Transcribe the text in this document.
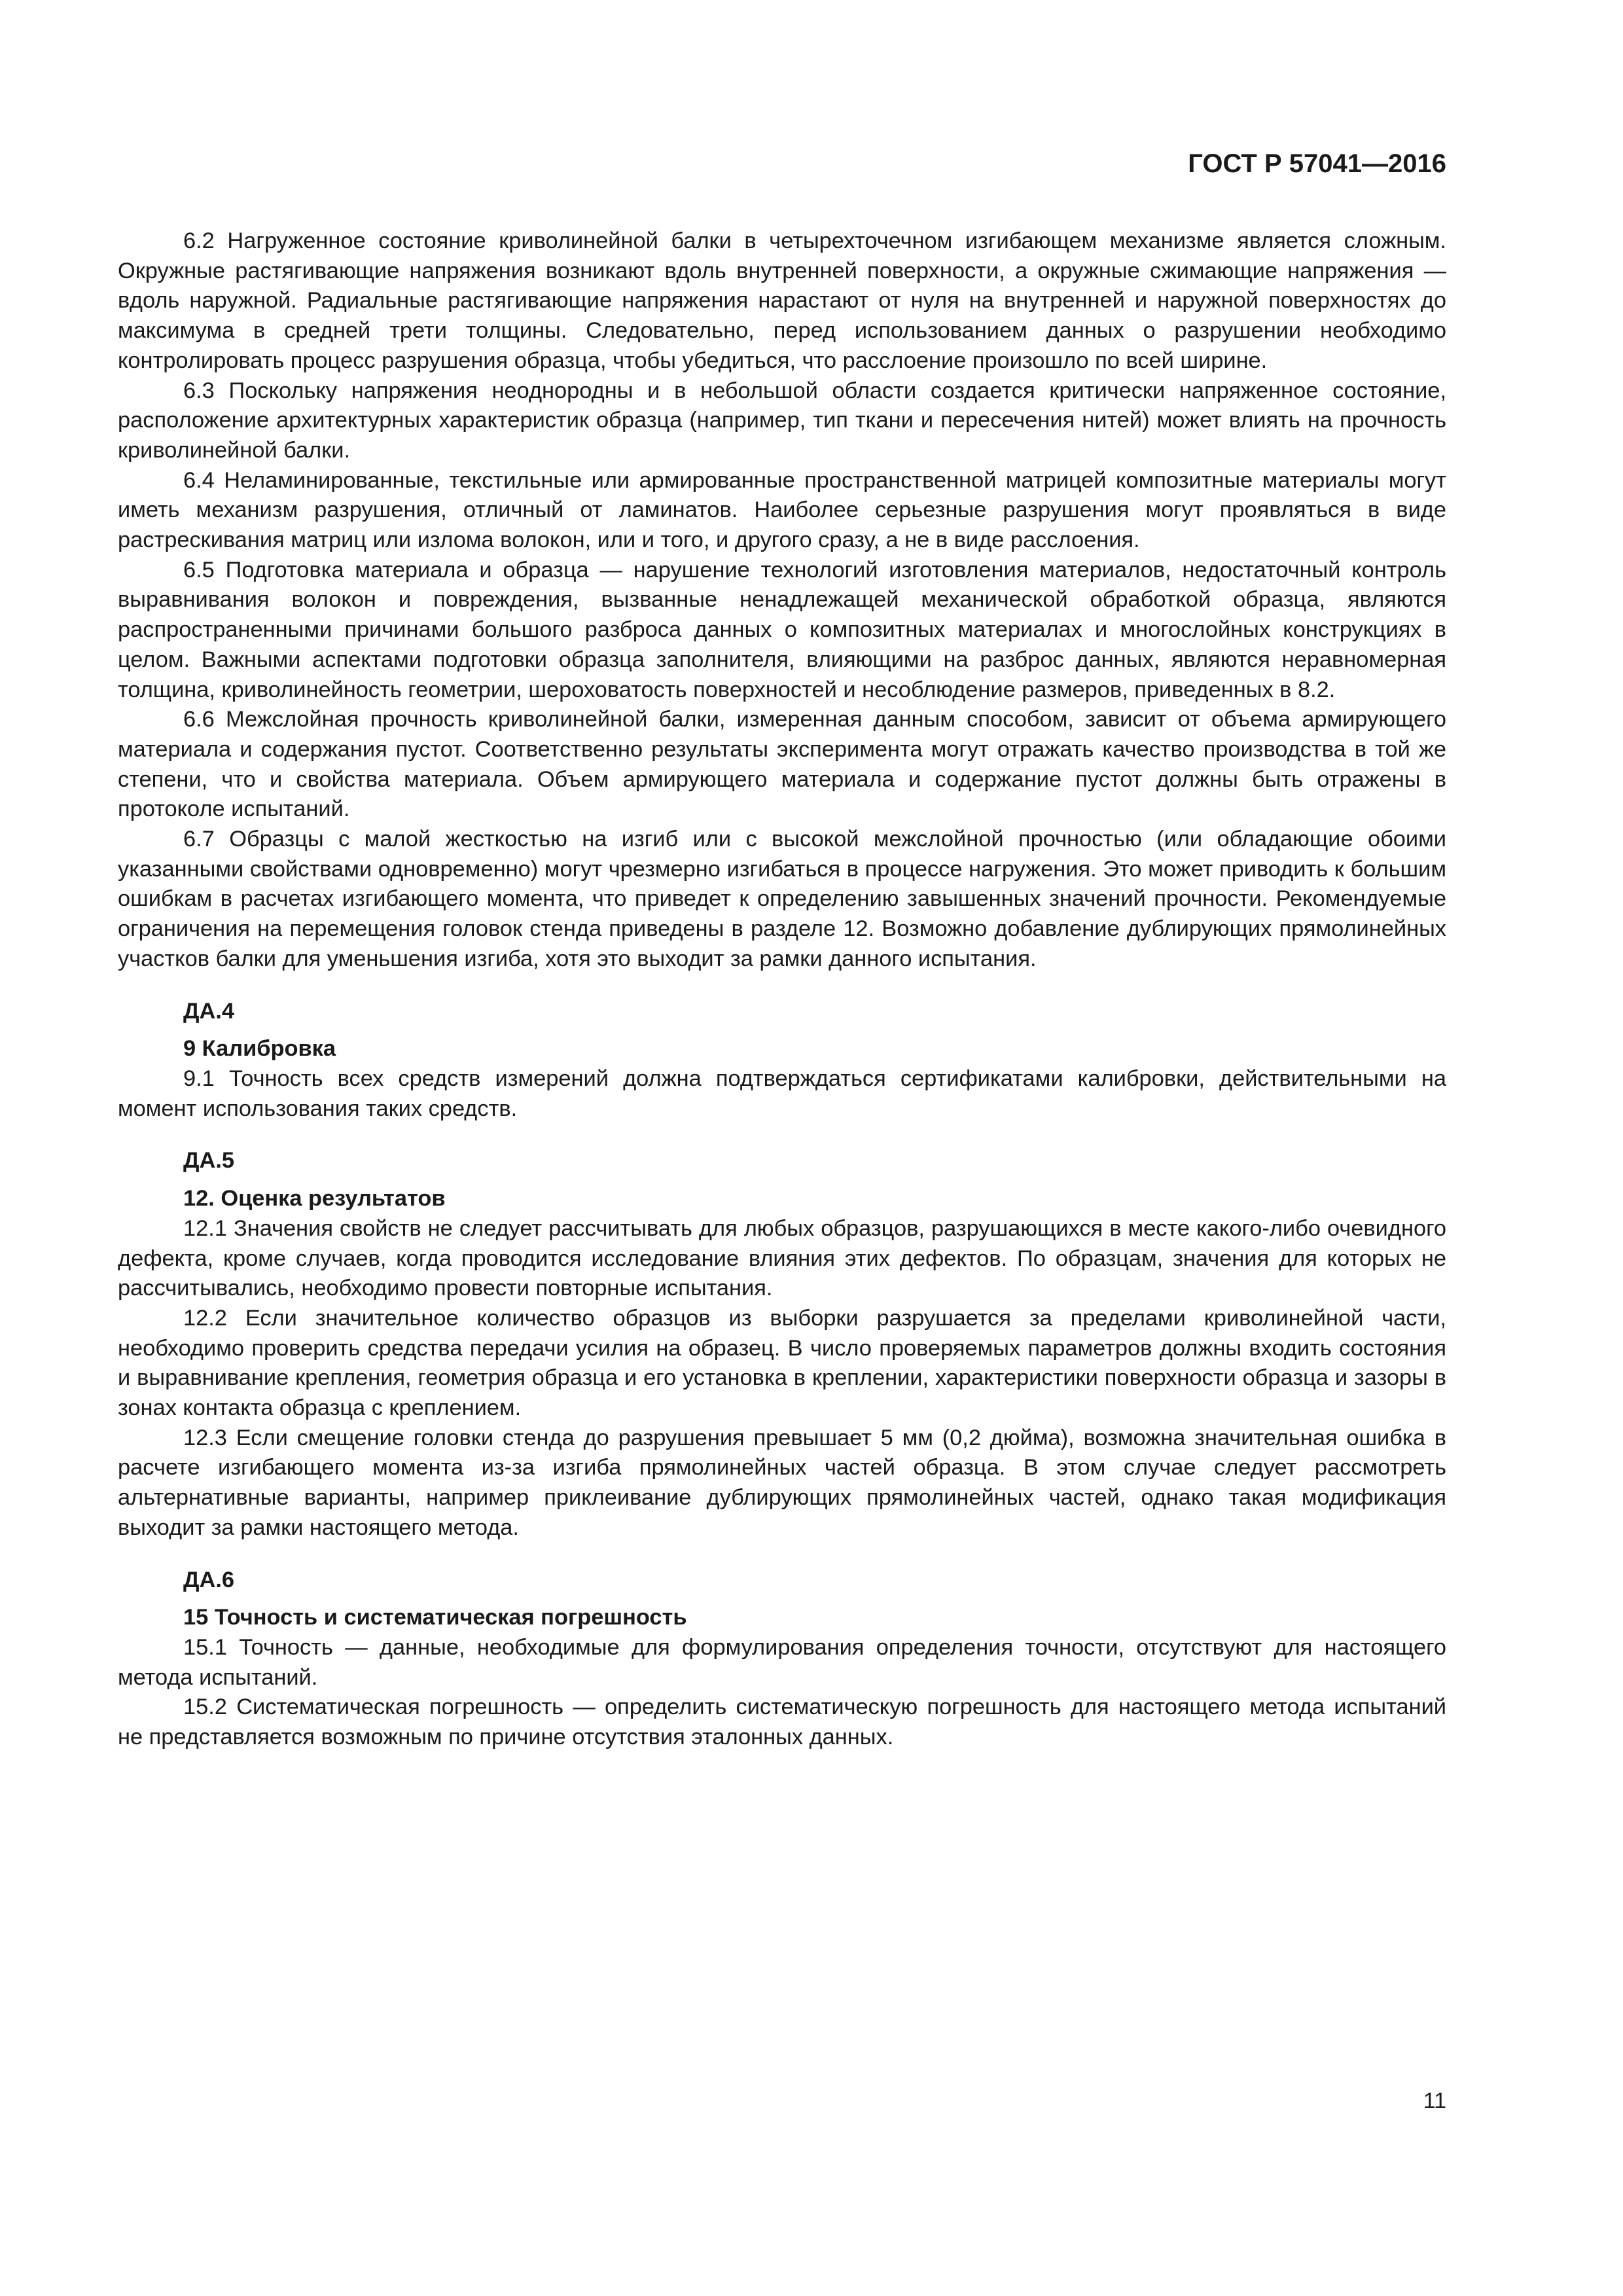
ГОСТ Р 57041—2016

6.2 Нагруженное состояние криволинейной балки в четырехточечном изгибающем механизме является сложным. Окружные растягивающие напряжения возникают вдоль внутренней поверхности, а окружные сжимающие напряжения — вдоль наружной. Радиальные растягивающие напряжения нарастают от нуля на внутренней и наружной поверхностях до максимума в средней трети толщины. Следовательно, перед использованием данных о разрушении необходимо контролировать процесс разрушения образца, чтобы убедиться, что расслоение произошло по всей ширине.

6.3 Поскольку напряжения неоднородны и в небольшой области создается критически напряженное состояние, расположение архитектурных характеристик образца (например, тип ткани и пересечения нитей) может влиять на прочность криволинейной балки.

6.4 Неламинированные, текстильные или армированные пространственной матрицей композитные материалы могут иметь механизм разрушения, отличный от ламинатов. Наиболее серьезные разрушения могут проявляться в виде растрескивания матриц или излома волокон, или и того, и другого сразу, а не в виде расслоения.

6.5 Подготовка материала и образца — нарушение технологий изготовления материалов, недостаточный контроль выравнивания волокон и повреждения, вызванные ненадлежащей механической обработкой образца, являются распространенными причинами большого разброса данных о композитных материалах и многослойных конструкциях в целом. Важными аспектами подготовки образца заполнителя, влияющими на разброс данных, являются неравномерная толщина, криволинейность геометрии, шероховатость поверхностей и несоблюдение размеров, приведенных в 8.2.

6.6 Межслойная прочность криволинейной балки, измеренная данным способом, зависит от объема армирующего материала и содержания пустот. Соответственно результаты эксперимента могут отражать качество производства в той же степени, что и свойства материала. Объем армирующего материала и содержание пустот должны быть отражены в протоколе испытаний.

6.7 Образцы с малой жесткостью на изгиб или с высокой межслойной прочностью (или обладающие обоими указанными свойствами одновременно) могут чрезмерно изгибаться в процессе нагружения. Это может приводить к большим ошибкам в расчетах изгибающего момента, что приведет к определению завышенных значений прочности. Рекомендуемые ограничения на перемещения головок стенда приведены в разделе 12. Возможно добавление дублирующих прямолинейных участков балки для уменьшения изгиба, хотя это выходит за рамки данного испытания.

ДА.4

9 Калибровка

9.1 Точность всех средств измерений должна подтверждаться сертификатами калибровки, действительными на момент использования таких средств.

ДА.5

12. Оценка результатов

12.1 Значения свойств не следует рассчитывать для любых образцов, разрушающихся в месте какого-либо очевидного дефекта, кроме случаев, когда проводится исследование влияния этих дефектов. По образцам, значения для которых не рассчитывались, необходимо провести повторные испытания.

12.2 Если значительное количество образцов из выборки разрушается за пределами криволинейной части, необходимо проверить средства передачи усилия на образец. В число проверяемых параметров должны входить состояния и выравнивание крепления, геометрия образца и его установка в креплении, характеристики поверхности образца и зазоры в зонах контакта образца с креплением.

12.3 Если смещение головки стенда до разрушения превышает 5 мм (0,2 дюйма), возможна значительная ошибка в расчете изгибающего момента из-за изгиба прямолинейных частей образца. В этом случае следует рассмотреть альтернативные варианты, например приклеивание дублирующих прямолинейных частей, однако такая модификация выходит за рамки настоящего метода.

ДА.6

15 Точность и систематическая погрешность

15.1 Точность — данные, необходимые для формулирования определения точности, отсутствуют для настоящего метода испытаний.

15.2 Систематическая погрешность — определить систематическую погрешность для настоящего метода испытаний не представляется возможным по причине отсутствия эталонных данных.

11
